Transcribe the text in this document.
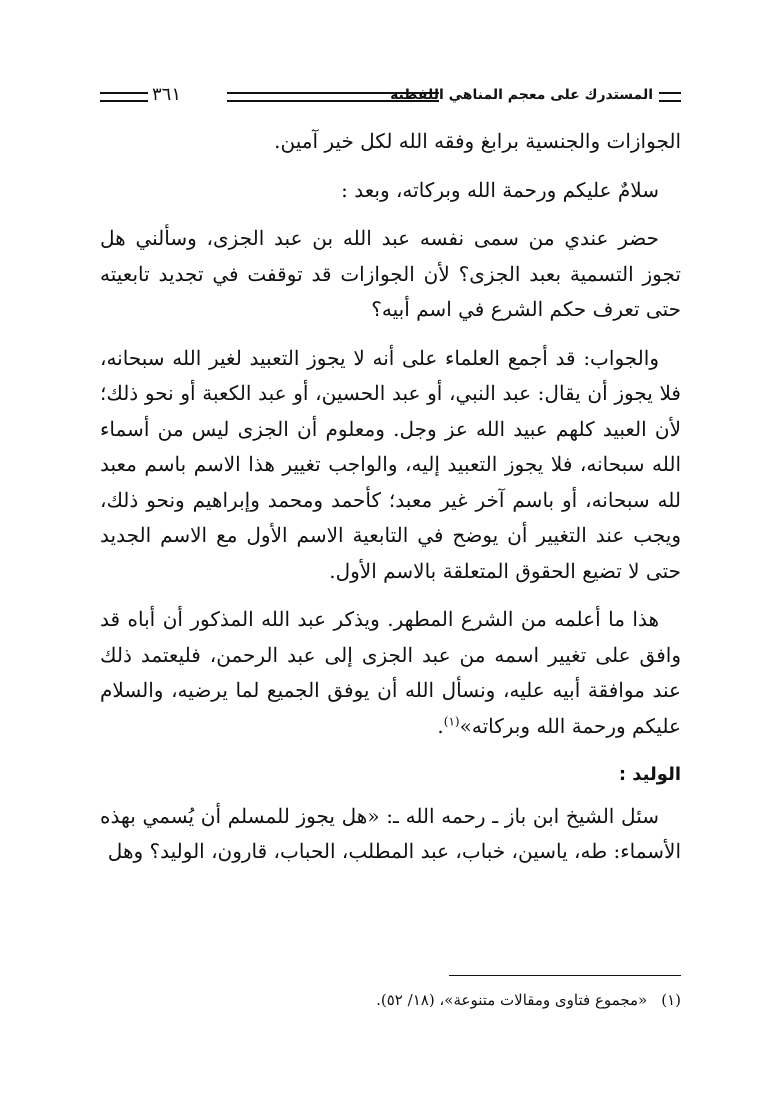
المستدرك على معجم المناهي اللفظية
٣٦١

الجوازات والجنسية برابغ وفقه الله لكل خير آمين.

سلامٌ عليكم ورحمة الله وبركاته، وبعد :

حضر عندي من سمى نفسه عبد الله بن عبد الجزى، وسألني هل تجوز التسمية بعبد الجزى؟ لأن الجوازات قد توقفت في تجديد تابعيته حتى تعرف حكم الشرع في اسم أبيه؟

والجواب: قد أجمع العلماء على أنه لا يجوز التعبيد لغير الله سبحانه، فلا يجوز أن يقال: عبد النبي، أو عبد الحسين، أو عبد الكعبة أو نحو ذلك؛ لأن العبيد كلهم عبيد الله عز وجل. ومعلوم أن الجزى ليس من أسماء الله سبحانه، فلا يجوز التعبيد إليه، والواجب تغيير هذا الاسم باسم معبد لله سبحانه، أو باسم آخر غير معبد؛ كأحمد ومحمد وإبراهيم ونحو ذلك، ويجب عند التغيير أن يوضح في التابعية الاسم الأول مع الاسم الجديد حتى لا تضيع الحقوق المتعلقة بالاسم الأول.

هذا ما أعلمه من الشرع المطهر. ويذكر عبد الله المذكور أن أباه قد وافق على تغيير اسمه من عبد الجزى إلى عبد الرحمن، فليعتمد ذلك عند موافقة أبيه عليه، ونسأل الله أن يوفق الجميع لما يرضيه، والسلام عليكم ورحمة الله وبركاته»$^{(١)}$.

الوليد :

سئل الشيخ ابن باز ـ رحمه الله ـ: «هل يجوز للمسلم أن يُسمي بهذه الأسماء: طه، ياسين، خباب، عبد المطلب، الحباب، قارون، الوليد؟ وهل

(١)«مجموع فتاوى ومقالات متنوعة»، (١٨/ ٥٢).
